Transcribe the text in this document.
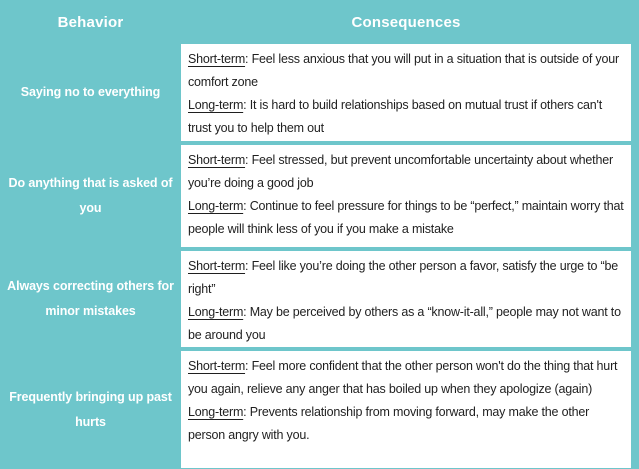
Behavior	Consequences
Saying no to everything
Short-term: Feel less anxious that you will put in a situation that is outside of your comfort zone
Long-term: It is hard to build relationships based on mutual trust if others can't trust you to help them out
Do anything that is asked of you
Short-term: Feel stressed, but prevent uncomfortable uncertainty about whether you’re doing a good job
Long-term: Continue to feel pressure for things to be “perfect,” maintain worry that people will think less of you if you make a mistake
Always correcting others for minor mistakes
Short-term: Feel like you’re doing the other person a favor, satisfy the urge to “be right”
Long-term: May be perceived by others as a “know-it-all,” people may not want to be around you
Frequently bringing up past hurts
Short-term: Feel more confident that the other person won't do the thing that hurt you again, relieve any anger that has boiled up when they apologize (again)
Long-term: Prevents relationship from moving forward, may make the other person angry with you.
